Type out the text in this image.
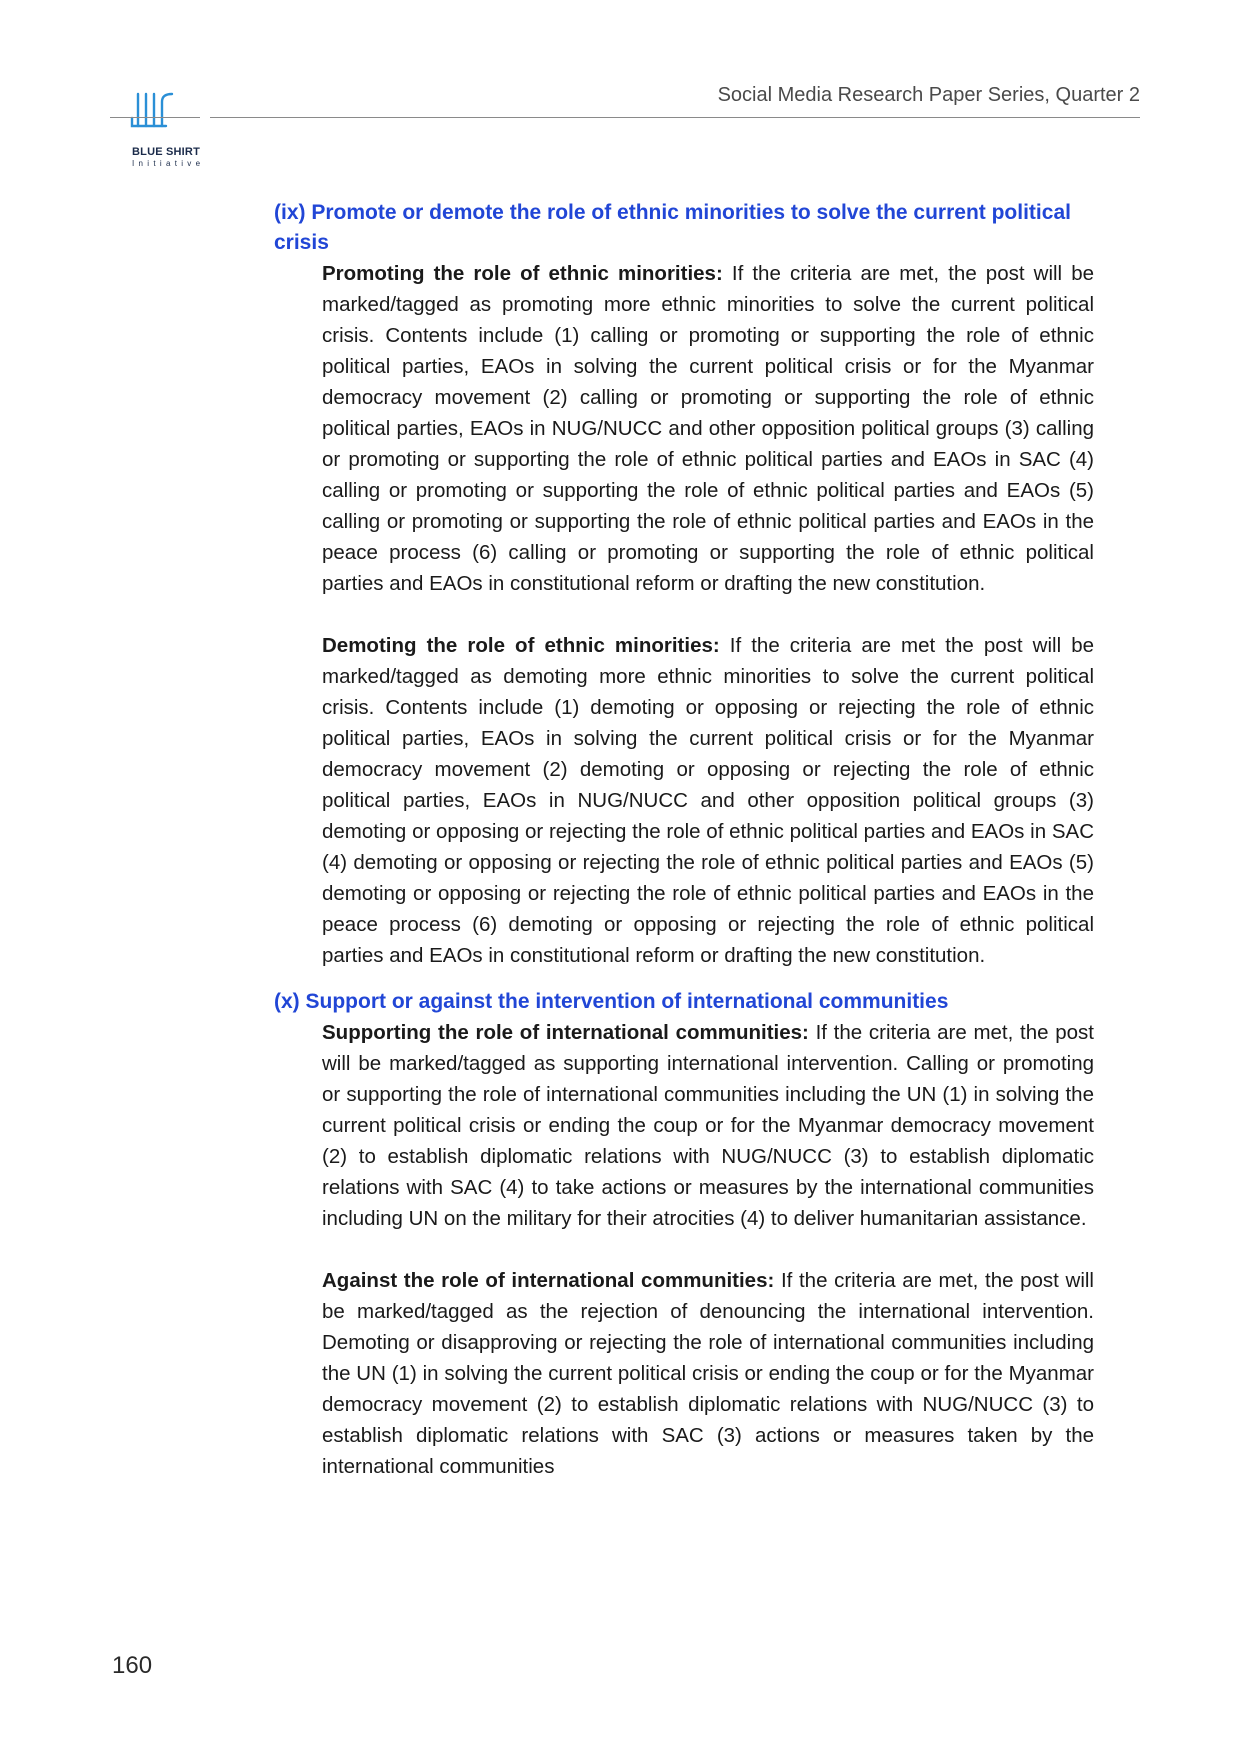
BLUE SHIRT
Initiative
Social Media Research Paper Series, Quarter 2
(ix) Promote or demote the role of ethnic minorities to solve the current political crisis

Promoting the role of ethnic minorities: If the criteria are met, the post will be marked/tagged as promoting more ethnic minorities to solve the current political crisis. Contents include (1) calling or promoting or supporting the role of ethnic political parties, EAOs in solving the current political crisis or for the Myanmar democracy movement (2) calling or promoting or supporting the role of ethnic political parties, EAOs in NUG/NUCC and other opposition political groups (3) calling or promoting or supporting the role of ethnic political parties and EAOs in SAC (4) calling or promoting or supporting the role of ethnic political parties and EAOs (5) calling or promoting or supporting the role of ethnic political parties and EAOs in the peace process (6) calling or promoting or supporting the role of ethnic political parties and EAOs in constitutional reform or drafting the new constitution.

Demoting the role of ethnic minorities: If the criteria are met the post will be marked/tagged as demoting more ethnic minorities to solve the current political crisis. Contents include (1) demoting or opposing or rejecting the role of ethnic political parties, EAOs in solving the current political crisis or for the Myanmar democracy movement (2) demoting or opposing or rejecting the role of ethnic political parties, EAOs in NUG/NUCC and other opposition political groups (3) demoting or opposing or rejecting the role of ethnic political parties and EAOs in SAC (4) demoting or opposing or rejecting the role of ethnic political parties and EAOs (5) demoting or opposing or rejecting the role of ethnic political parties and EAOs in the peace process (6) demoting or opposing or rejecting the role of ethnic political parties and EAOs in constitutional reform or drafting the new constitution.

(x) Support or against the intervention of international communities

Supporting the role of international communities: If the criteria are met, the post will be marked/tagged as supporting international intervention. Calling or promoting or supporting the role of international communities including the UN (1) in solving the current political crisis or ending the coup or for the Myanmar democracy movement (2) to establish diplomatic relations with NUG/NUCC (3) to establish diplomatic relations with SAC (4) to take actions or measures by the international communities including UN on the military for their atrocities (4) to deliver humanitarian assistance.

Against the role of international communities: If the criteria are met, the post will be marked/tagged as the rejection of denouncing the international intervention. Demoting or disapproving or rejecting the role of international communities including the UN (1) in solving the current political crisis or ending the coup or for the Myanmar democracy movement (2) to establish diplomatic relations with NUG/NUCC (3) to establish diplomatic relations with SAC (3) actions or measures taken by the international communities

160
